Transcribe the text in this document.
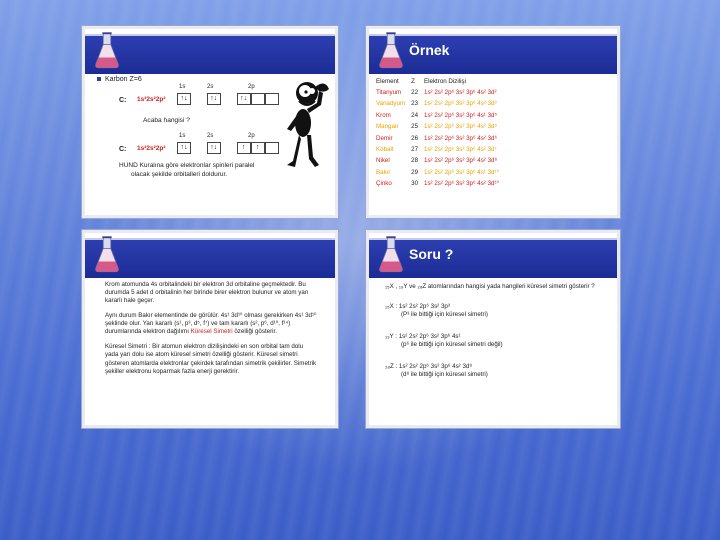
Karbon Z=6
1s	2s	2p
C: 1s²2s²2p²	↑↓	↑↓	↑↓
Acaba hangisi ?
1s	2s	2p
C: 1s²2s²2p²	↑↓	↑↓	↑ ↑
HUND Kuralına göre elektronlar spinleri paralel
olacak şekilde orbitalleri doldurur.
Örnek
Element	Z	Elektron Dizilişi
Titanyum	22	1s² 2s² 2p⁶ 3s² 3p⁶ 4s² 3d²
Vanadyum	23	1s² 2s² 2p⁶ 3s² 3p⁶ 4s² 3d³
Krom	24	1s² 2s² 2p⁶ 3s² 3p⁶ 4s¹ 3d⁵
Mangan	25	1s² 2s² 2p⁶ 3s² 3p⁶ 4s² 3d⁵
Demir	26	1s² 2s² 2p⁶ 3s² 3p⁶ 4s² 3d⁶
Kobalt	27	1s² 2s² 2p⁶ 3s² 3p⁶ 4s² 3d⁷
Nikel	28	1s² 2s² 2p⁶ 3s² 3p⁶ 4s² 3d⁸
Bakır	29	1s² 2s² 2p⁶ 3s² 3p⁶ 4s¹ 3d¹⁰
Çinko	30	1s² 2s² 2p⁶ 3s² 3p⁶ 4s² 3d¹⁰

Krom atomunda 4s orbitalindeki bir elektron 3d orbitaline geçmektedir. Bu durumda 5 adet d orbitalinin her birinde birer elektron bulunur ve atom yarı kararlı hale geçer.

Aynı durum Bakır elementinde de görülür. 4s¹ 3d¹⁰ olması gerekirken 4s¹ 3d¹⁰ şeklinde olur. Yarı kararlı (s¹, p³, d⁵, f⁷) ve tam kararlı (s², p⁶, d¹⁰, f¹⁴) durumlarında elektron dağılımı Küresel Simetri özelliği gösterir.

Küresel Simetri : Bir atomun elektron dizilişindeki en son orbital tam dolu yada yarı dolu ise atom küresel simetri özelliği gösterir. Küresel simetri gösteren atomlarda elektronlar çekirdek tarafından simetrik çekilirler. Simetrik şekiller elektronu koparmak fazla enerji gerektirir.

Soru ?

₁₅X , ₁₉Y ve ₂₈Z atomlarından hangisi yada hangileri küresel simetri gösterir ?

₁₅X : 1s² 2s² 2p⁶ 3s² 3p³

(P³ ile bittiği için küresel simetri)

₁₉Y : 1s² 2s² 2p⁶ 3s² 3p⁶ 4s¹

(p⁶ ile bittiği için küresel simetri değil)

₂₈Z : 1s² 2s² 2p⁶ 3s² 3p⁶ 4s² 3d⁸

(d⁸ ile bittiği için küresel simetri)
